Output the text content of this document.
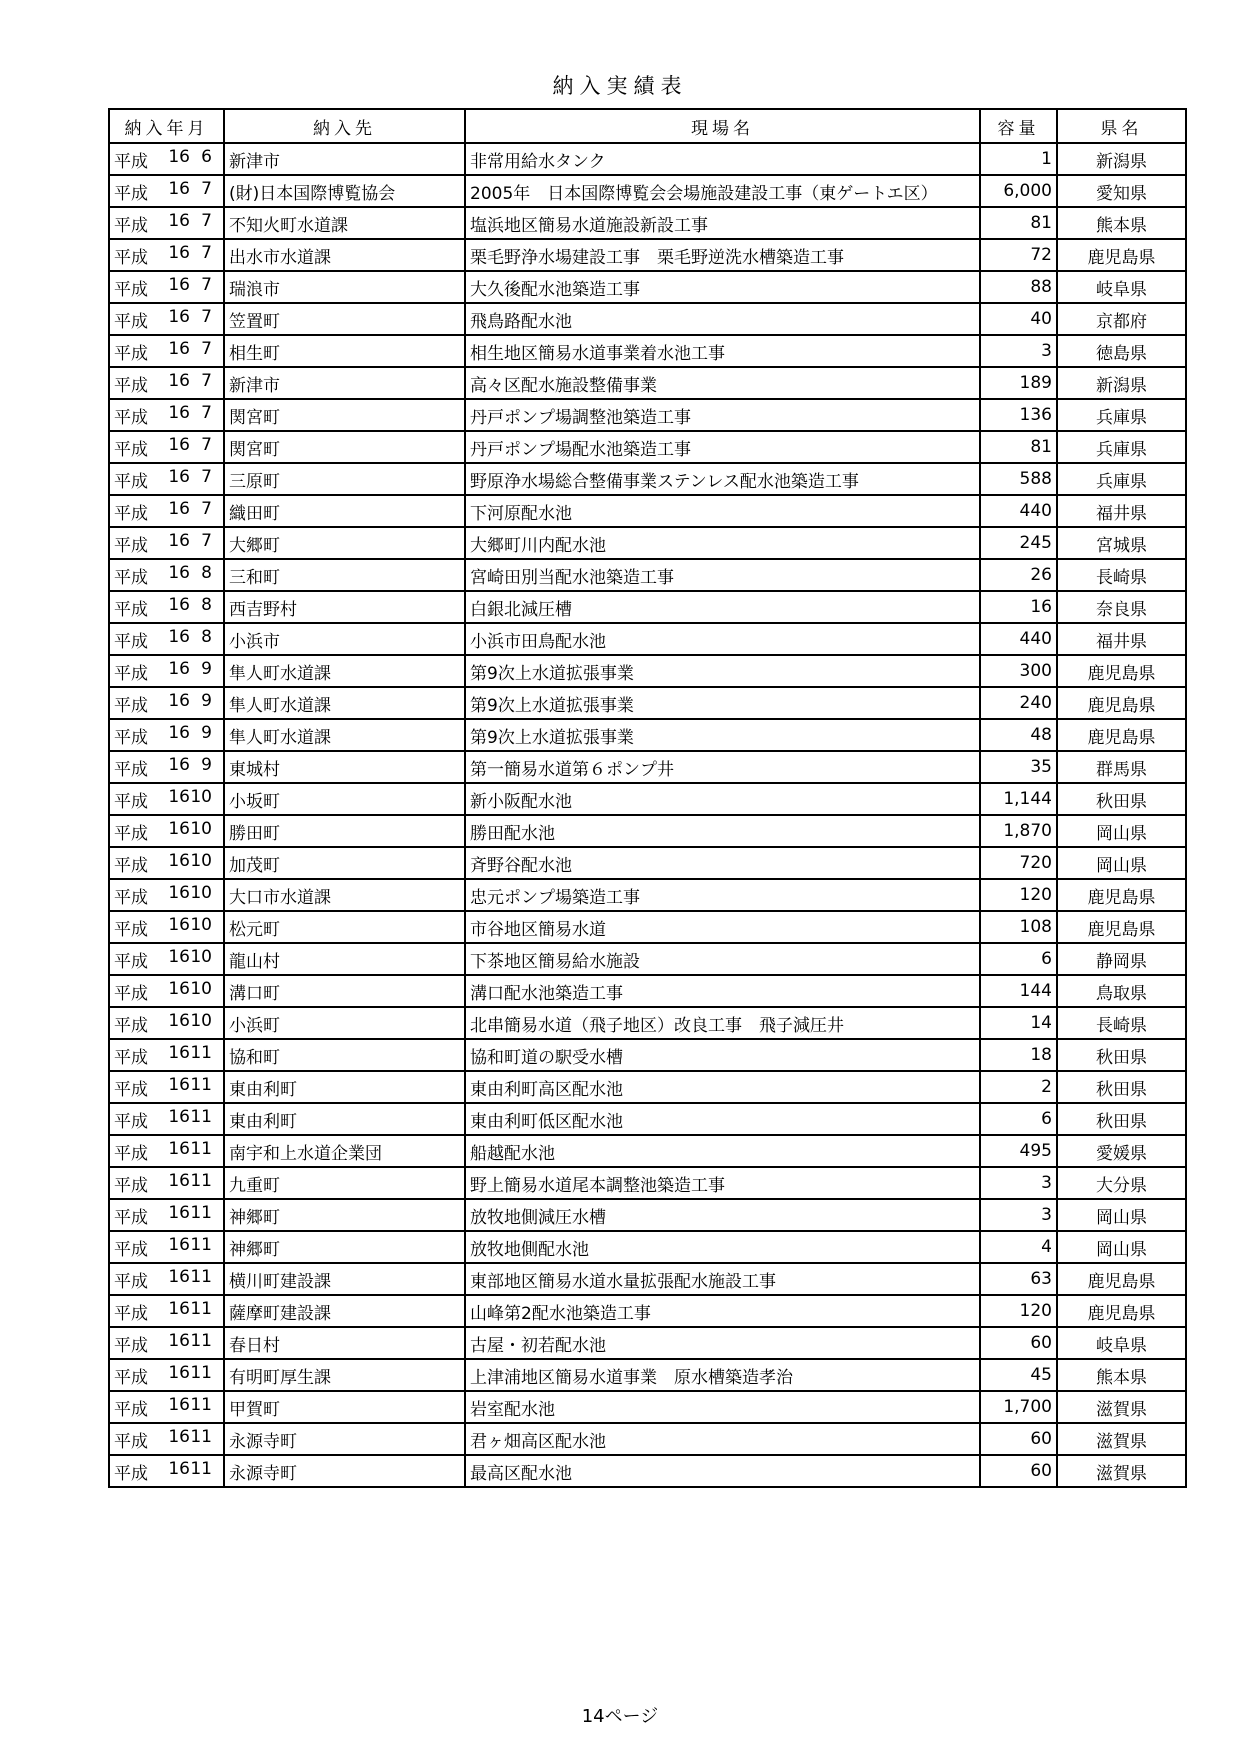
納入実績表
納入年月	納入先	現場名	容量	県名

平成 16 6	新津市	非常用給水タンク	1	新潟県

平成 16 7	(財)日本国際博覧協会	2005年　日本国際博覧会会場施設建設工事（東ゲートエ区）	6,000	愛知県

平成 16 7	不知火町水道課	塩浜地区簡易水道施設新設工事	81	熊本県

平成 16 7	出水市水道課	栗毛野浄水場建設工事　栗毛野逆洗水槽築造工事	72	鹿児島県

平成 16 7	瑞浪市	大久後配水池築造工事	88	岐阜県

平成 16 7	笠置町	飛鳥路配水池	40	京都府

平成 16 7	相生町	相生地区簡易水道事業着水池工事	3	徳島県

平成 16 7	新津市	高々区配水施設整備事業	189	新潟県

平成 16 7	関宮町	丹戸ポンプ場調整池築造工事	136	兵庫県

平成 16 7	関宮町	丹戸ポンプ場配水池築造工事	81	兵庫県

平成 16 7	三原町	野原浄水場総合整備事業ステンレス配水池築造工事	588	兵庫県

平成 16 7	織田町	下河原配水池	440	福井県

平成 16 7	大郷町	大郷町川内配水池	245	宮城県

平成 16 8	三和町	宮崎田別当配水池築造工事	26	長崎県

平成 16 8	西吉野村	白銀北減圧槽	16	奈良県

平成 16 8	小浜市	小浜市田鳥配水池	440	福井県

平成 16 9	隼人町水道課	第9次上水道拡張事業	300	鹿児島県

平成 16 9	隼人町水道課	第9次上水道拡張事業	240	鹿児島県

平成 16 9	隼人町水道課	第9次上水道拡張事業	48	鹿児島県

平成 16 9	東城村	第一簡易水道第６ポンプ井	35	群馬県

平成 1610	小坂町	新小阪配水池	1,144	秋田県

平成 1610	勝田町	勝田配水池	1,870	岡山県

平成 1610	加茂町	斉野谷配水池	720	岡山県

平成 1610	大口市水道課	忠元ポンプ場築造工事	120	鹿児島県

平成 1610	松元町	市谷地区簡易水道	108	鹿児島県

平成 1610	龍山村	下茶地区簡易給水施設	6	静岡県

平成 1610	溝口町	溝口配水池築造工事	144	鳥取県

平成 1610	小浜町	北串簡易水道（飛子地区）改良工事　飛子減圧井	14	長崎県

平成 1611	協和町	協和町道の駅受水槽	18	秋田県

平成 1611	東由利町	東由利町高区配水池	2	秋田県

平成 1611	東由利町	東由利町低区配水池	6	秋田県

平成 1611	南宇和上水道企業団	船越配水池	495	愛媛県

平成 1611	九重町	野上簡易水道尾本調整池築造工事	3	大分県

平成 1611	神郷町	放牧地側減圧水槽	3	岡山県

平成 1611	神郷町	放牧地側配水池	4	岡山県

平成 1611	横川町建設課	東部地区簡易水道水量拡張配水施設工事	63	鹿児島県

平成 1611	薩摩町建設課	山峰第2配水池築造工事	120	鹿児島県

平成 1611	春日村	古屋・初若配水池	60	岐阜県

平成 1611	有明町厚生課	上津浦地区簡易水道事業　原水槽築造孝治	45	熊本県

平成 1611	甲賀町	岩室配水池	1,700	滋賀県

平成 1611	永源寺町	君ヶ畑高区配水池	60	滋賀県

平成 1611	永源寺町	最高区配水池	60	滋賀県
14ページ
